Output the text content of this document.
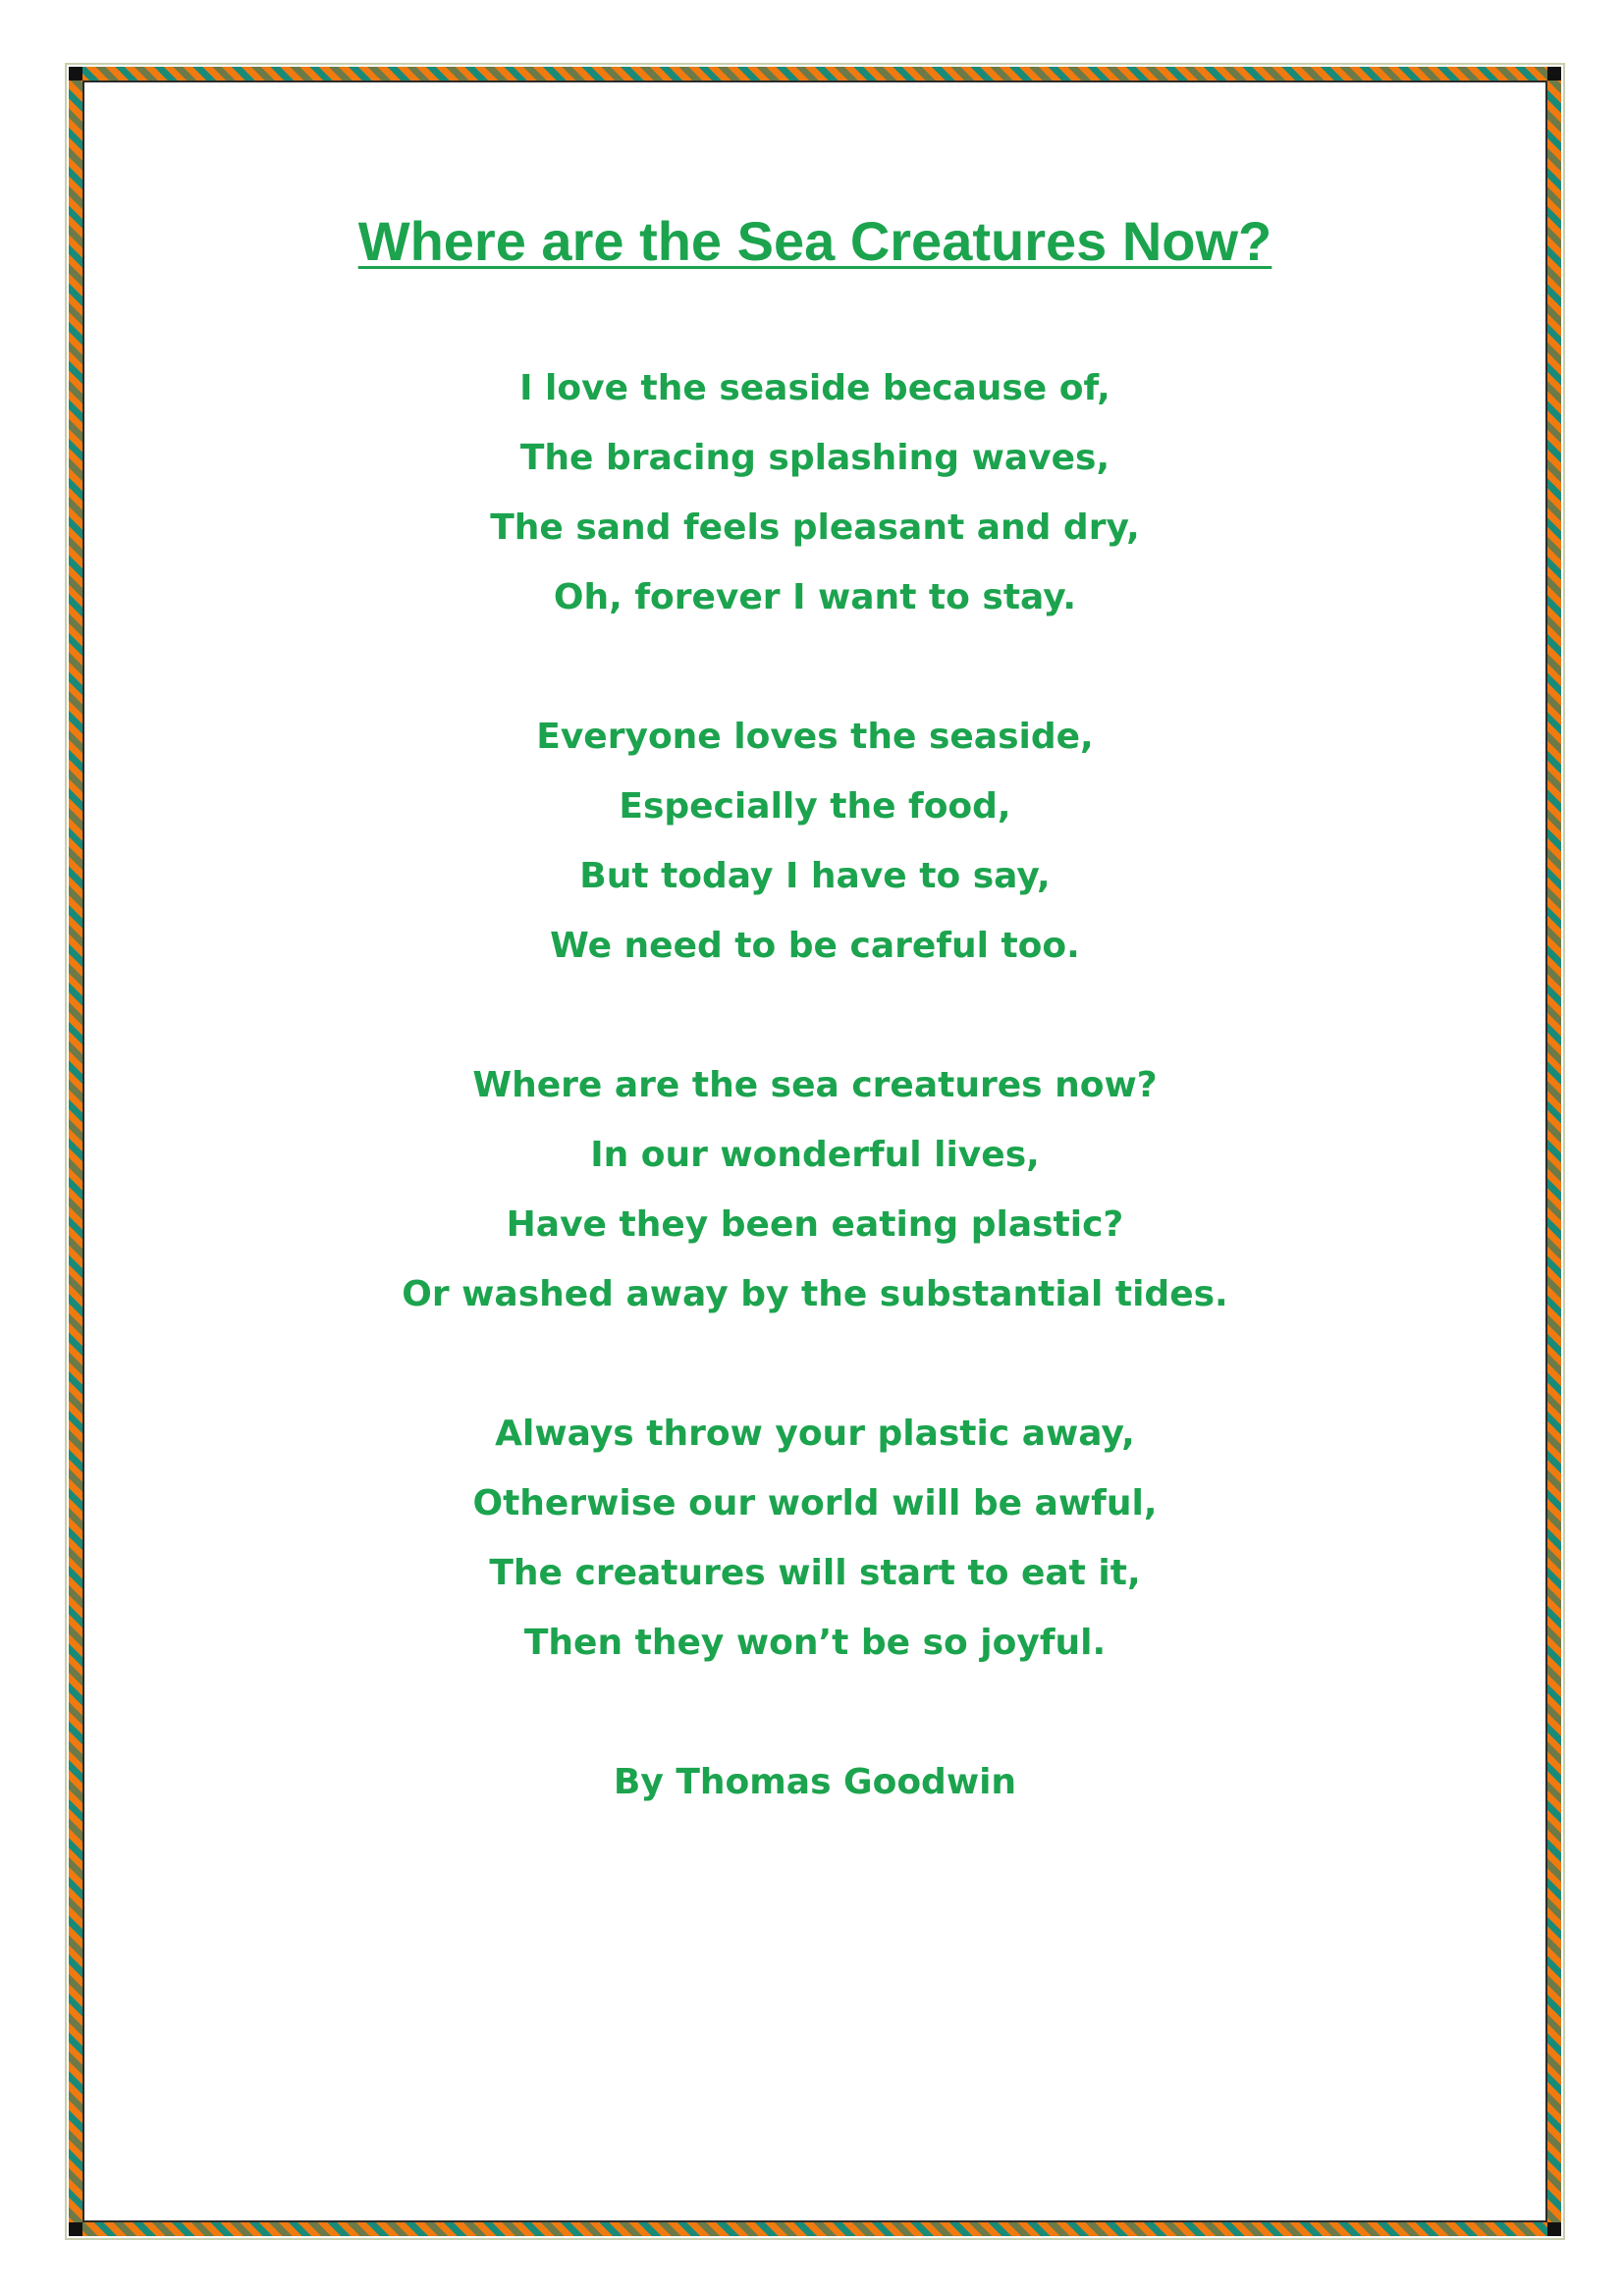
Where are the Sea Creatures Now?
I love the seaside because of,
The bracing splashing waves,
The sand feels pleasant and dry,
Oh, forever I want to stay.
Everyone loves the seaside,
Especially the food,
But today I have to say,
We need to be careful too.
Where are the sea creatures now?
In our wonderful lives,
Have they been eating plastic?
Or washed away by the substantial tides.
Always throw your plastic away,
Otherwise our world will be awful,
The creatures will start to eat it,
Then they won’t be so joyful.
By Thomas Goodwin
